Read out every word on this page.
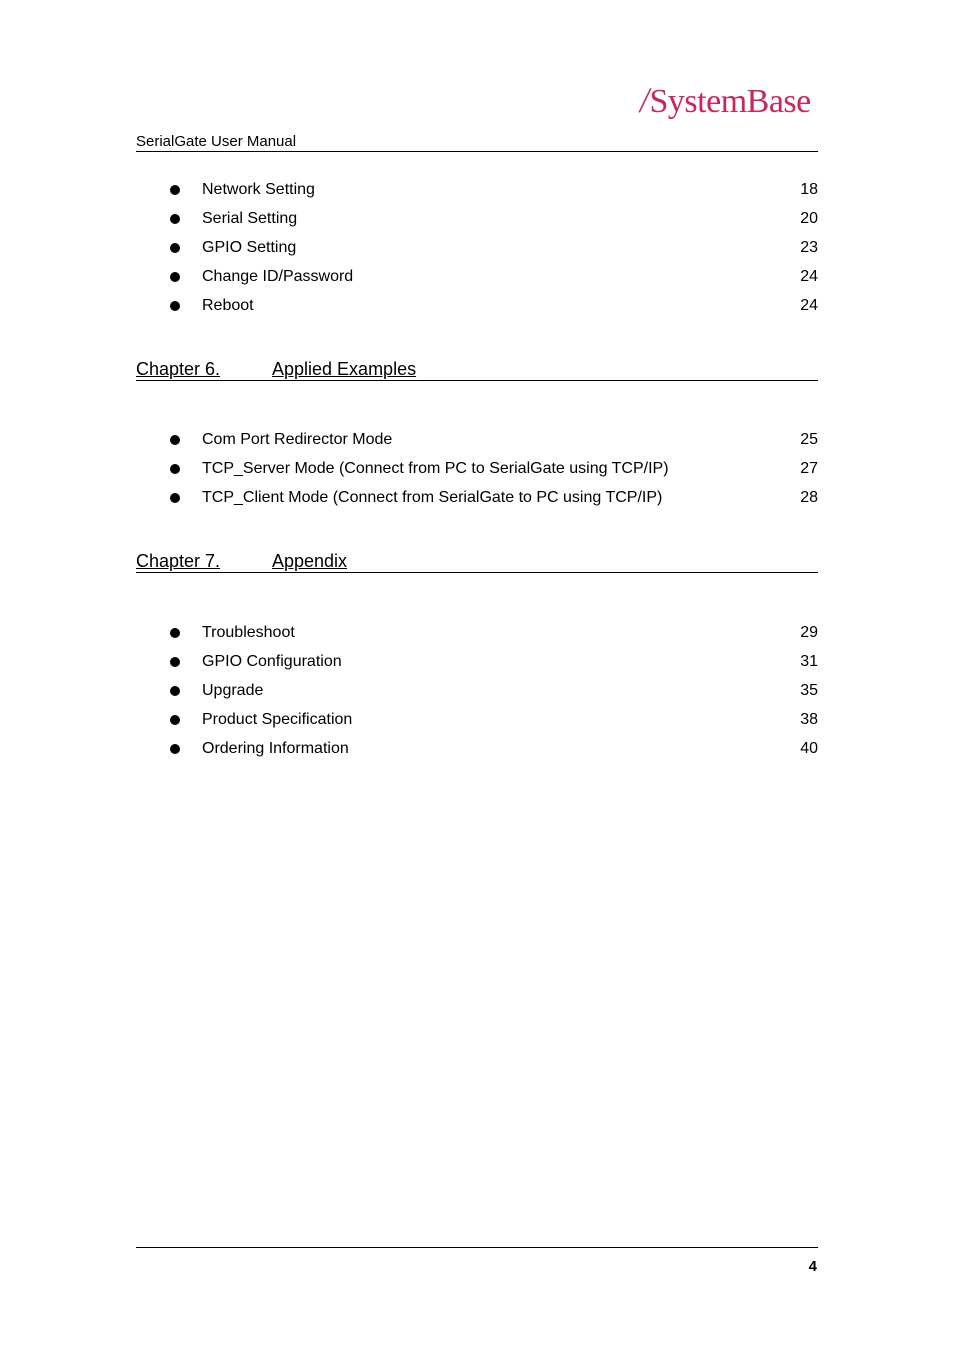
/SystemBase
SerialGate User Manual
Network Setting	18
Serial Setting	20
GPIO Setting	23
Change ID/Password	24
Reboot	24
Chapter 6.	Applied Examples
Com Port Redirector Mode	25
TCP_Server Mode (Connect from PC to SerialGate using TCP/IP)	27
TCP_Client Mode (Connect from SerialGate to PC using TCP/IP)	28
Chapter 7.	Appendix
Troubleshoot	29
GPIO Configuration	31
Upgrade	35
Product Specification	38
Ordering Information	40
4
